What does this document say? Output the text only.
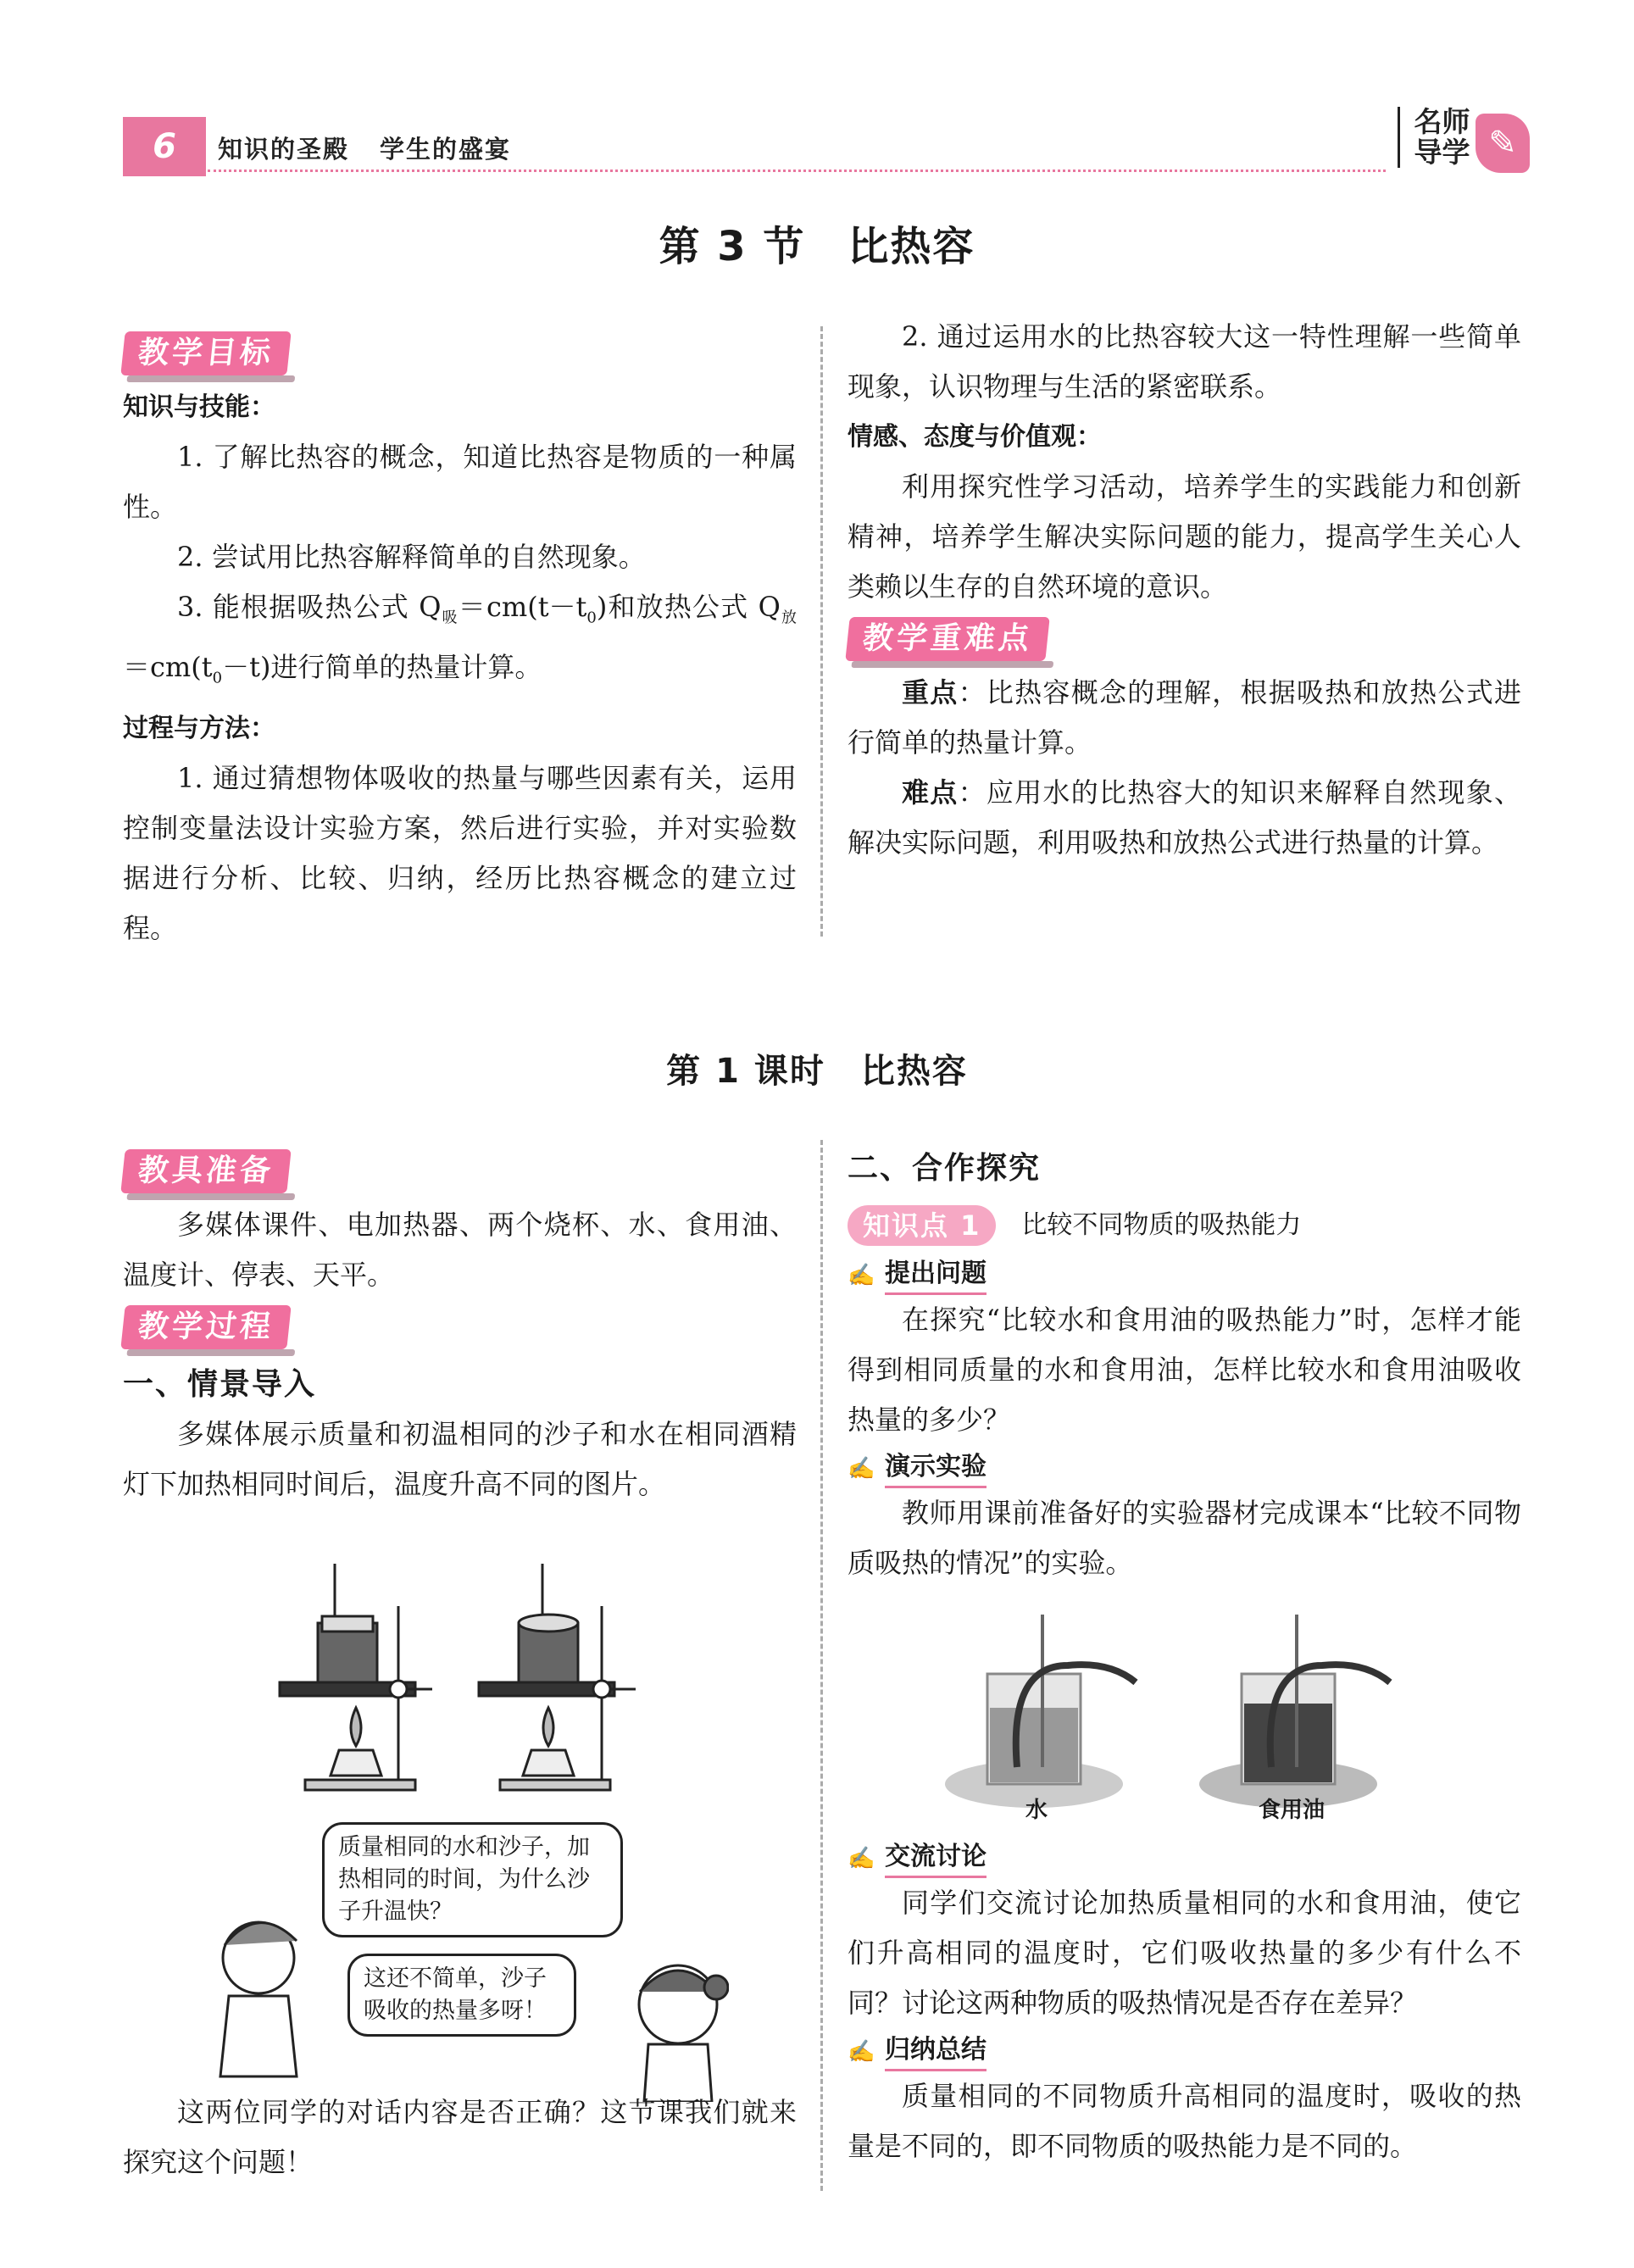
6	知识的圣殿 学生的盛宴
名师
导学 ✎
第 3 节　比热容
教学目标
知识与技能：

1. 了解比热容的概念，知道比热容是物质的一种属性。

2. 尝试用比热容解释简单的自然现象。

3. 能根据吸热公式 $Q_吸=cm(t-t_0)$和放热公式 $Q_放=cm(t_0-t)$进行简单的热量计算。

过程与方法：

1. 通过猜想物体吸收的热量与哪些因素有关，运用控制变量法设计实验方案，然后进行实验，并对实验数据进行分析、比较、归纳，经历比热容概念的建立过程。

2. 通过运用水的比热容较大这一特性理解一些简单现象，认识物理与生活的紧密联系。

情感、态度与价值观：

利用探究性学习活动，培养学生的实践能力和创新精神，培养学生解决实际问题的能力，提高学生关心人类赖以生存的自然环境的意识。

教学重难点

重点：比热容概念的理解，根据吸热和放热公式进行简单的热量计算。

难点：应用水的比热容大的知识来解释自然现象、解决实际问题，利用吸热和放热公式进行热量的计算。

第 1 课时　比热容
教具准备

多媒体课件、电加热器、两个烧杯、水、食用油、温度计、停表、天平。

教学过程
一、情景导入

多媒体展示质量和初温相同的沙子和水在相同酒精灯下加热相同时间后，温度升高不同的图片。

质量相同的水和沙子，加热相同的时间，为什么沙子升温快？
这还不简单，沙子吸收的热量多呀！

这两位同学的对话内容是否正确？这节课我们就来探究这个问题！

二、合作探究
知识点 1	比较不同物质的吸热能力
✍ 提出问题

在探究“比较水和食用油的吸热能力”时，怎样才能得到相同质量的水和食用油，怎样比较水和食用油吸收热量的多少？

✍ 演示实验

教师用课前准备好的实验器材完成课本“比较不同物质吸热的情况”的实验。

水	食用油
✍ 交流讨论

同学们交流讨论加热质量相同的水和食用油，使它们升高相同的温度时，它们吸收热量的多少有什么不同？讨论这两种物质的吸热情况是否存在差异？

✍ 归纳总结

质量相同的不同物质升高相同的温度时，吸收的热量是不同的，即不同物质的吸热能力是不同的。
